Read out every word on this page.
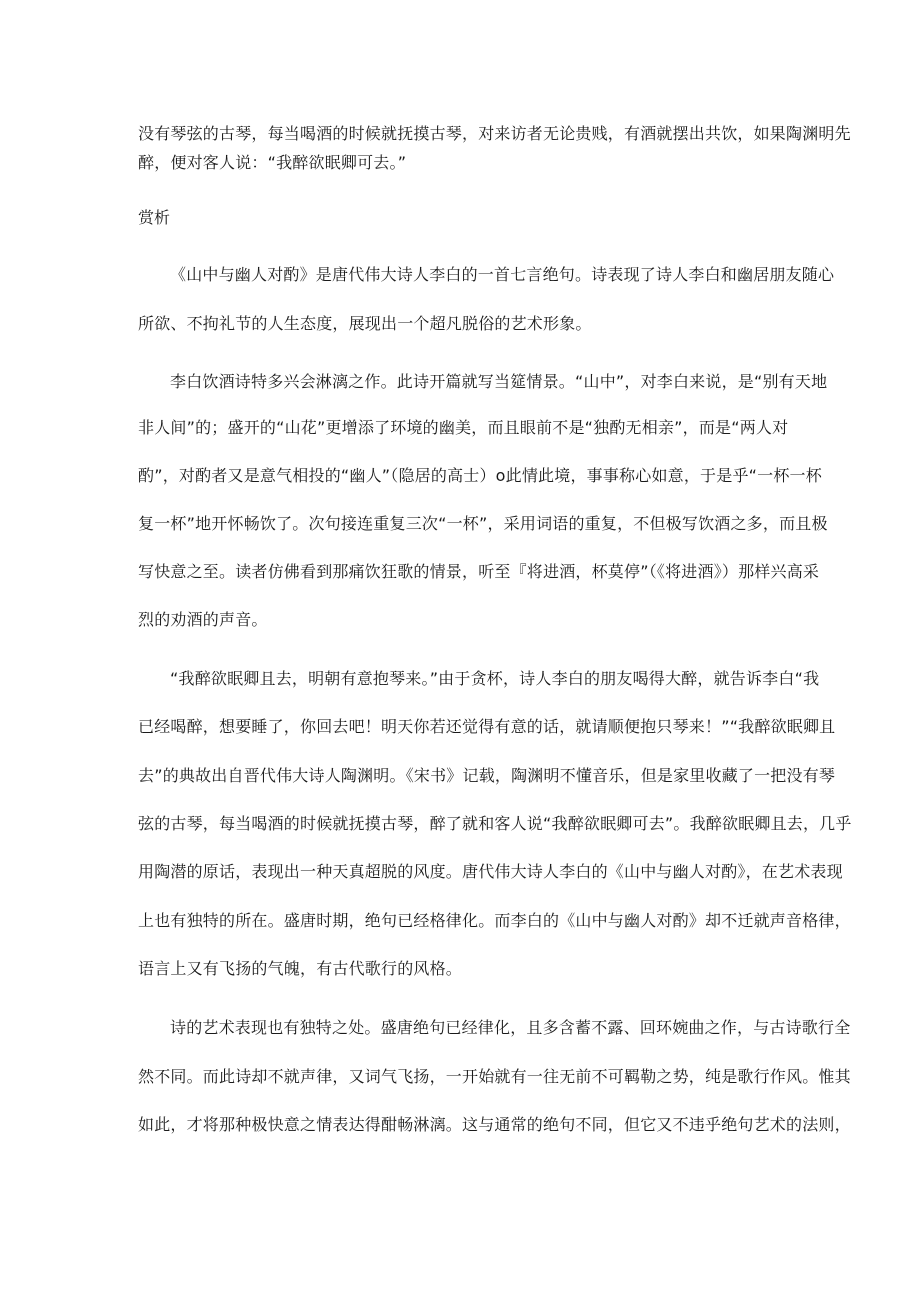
没有琴弦的古琴，每当喝酒的时候就抚摸古琴，对来访者无论贵贱，有酒就摆出共饮，如果陶渊明先
醉，便对客人说：“我醉欲眠卿可去。”
赏析
《山中与幽人对酌》是唐代伟大诗人李白的一首七言绝句。诗表现了诗人李白和幽居朋友随心
所欲、不拘礼节的人生态度，展现出一个超凡脱俗的艺术形象。
李白饮酒诗特多兴会淋漓之作。此诗开篇就写当筵情景。“山中”，对李白来说，是“别有天地
非人间”的；盛开的“山花”更增添了环境的幽美，而且眼前不是“独酌无相亲”，而是“两人对
酌”，对酌者又是意气相投的“幽人”（隐居的高士）o此情此境，事事称心如意，于是乎“一杯一杯
复一杯”地开怀畅饮了。次句接连重复三次“一杯”，采用词语的重复，不但极写饮酒之多，而且极
写快意之至。读者仿佛看到那痛饮狂歌的情景，听至『将进酒，杯莫停”（《将进酒》）那样兴高采
烈的劝酒的声音。
“我醉欲眠卿且去，明朝有意抱琴来。”由于贪杯，诗人李白的朋友喝得大醉，就告诉李白“我
已经喝醉，想要睡了，你回去吧！明天你若还觉得有意的话，就请顺便抱只琴来！”“我醉欲眠卿且
去”的典故出自晋代伟大诗人陶渊明。《宋书》记载，陶渊明不懂音乐，但是家里收藏了一把没有琴
弦的古琴，每当喝酒的时候就抚摸古琴，醉了就和客人说“我醉欲眠卿可去”。我醉欲眠卿且去，几乎
用陶潜的原话，表现出一种天真超脱的风度。唐代伟大诗人李白的《山中与幽人对酌》，在艺术表现
上也有独特的所在。盛唐时期，绝句已经格律化。而李白的《山中与幽人对酌》却不迁就声音格律，
语言上又有飞扬的气魄，有古代歌行的风格。
诗的艺术表现也有独特之处。盛唐绝句已经律化，且多含蓄不露、回环婉曲之作，与古诗歌行全
然不同。而此诗却不就声律，又词气飞扬，一开始就有一往无前不可羁勒之势，纯是歌行作风。惟其
如此，才将那种极快意之情表达得酣畅淋漓。这与通常的绝句不同，但它又不违乎绝句艺术的法则，
